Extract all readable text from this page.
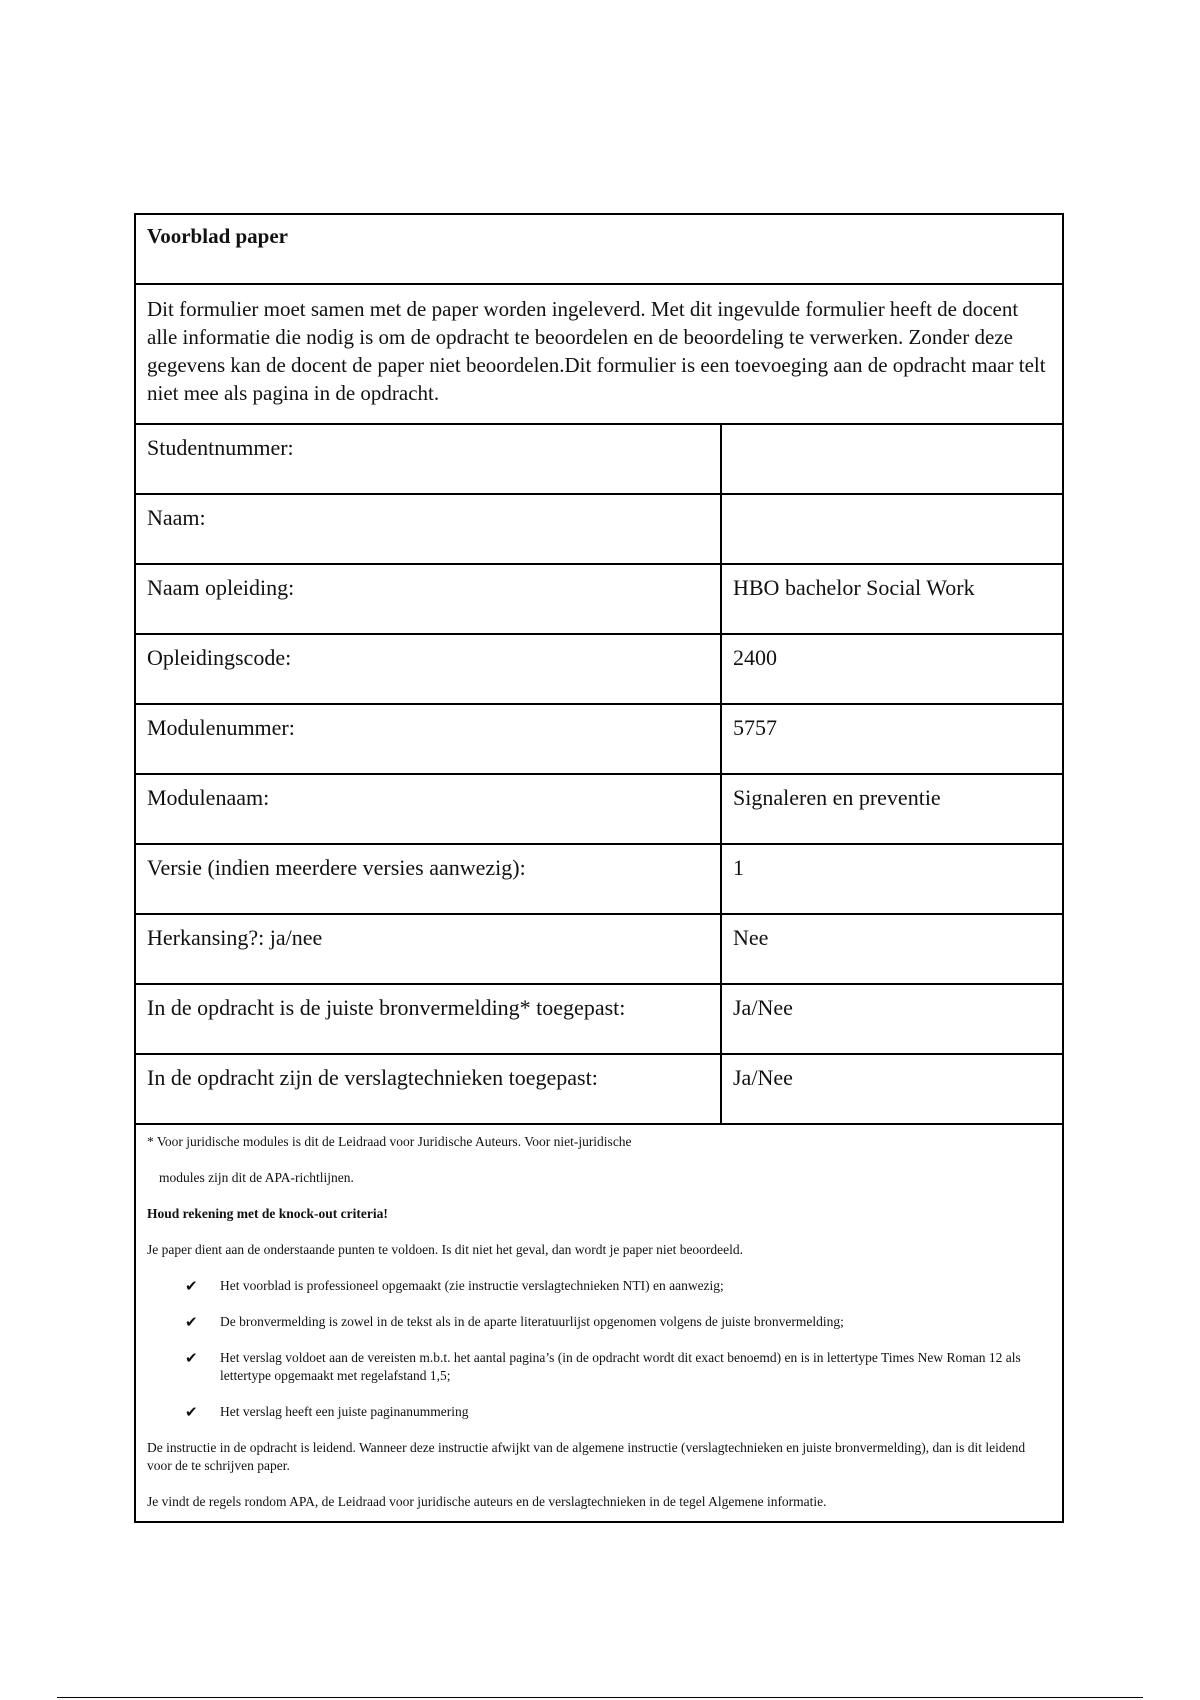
Voorblad paper
Dit formulier moet samen met de paper worden ingeleverd. Met dit ingevulde formulier heeft de docent alle informatie die nodig is om de opdracht te beoordelen en de beoordeling te verwerken. Zonder deze gegevens kan de docent de paper niet beoordelen.Dit formulier is een toevoeging aan de opdracht maar telt niet mee als pagina in de opdracht.
Studentnummer:
Naam:
Naam opleiding:	HBO bachelor Social Work
Opleidingscode:	2400
Modulenummer:	5757
Modulenaam:	Signaleren en preventie
Versie (indien meerdere versies aanwezig):	1
Herkansing?: ja/nee	Nee
In de opdracht is de juiste bronvermelding* toegepast:	Ja/Nee
In de opdracht zijn de verslagtechnieken toegepast:	Ja/Nee

* Voor juridische modules is dit de Leidraad voor Juridische Auteurs. Voor niet-juridische

modules zijn dit de APA-richtlijnen.

Houd rekening met de knock-out criteria!

Je paper dient aan de onderstaande punten te voldoen. Is dit niet het geval, dan wordt je paper niet beoordeeld.

✔	Het voorblad is professioneel opgemaakt (zie instructie verslagtechnieken NTI) en aanwezig;
✔	De bronvermelding is zowel in de tekst als in de aparte literatuurlijst opgenomen volgens de juiste bronvermelding;
✔	Het verslag voldoet aan de vereisten m.b.t. het aantal pagina’s (in de opdracht wordt dit exact benoemd) en is in lettertype Times New Roman 12 als lettertype opgemaakt met regelafstand 1,5;
✔	Het verslag heeft een juiste paginanummering

De instructie in de opdracht is leidend. Wanneer deze instructie afwijkt van de algemene instructie (verslagtechnieken en juiste bronvermelding), dan is dit leidend voor de te schrijven paper.

Je vindt de regels rondom APA, de Leidraad voor juridische auteurs en de verslagtechnieken in de tegel Algemene informatie.
